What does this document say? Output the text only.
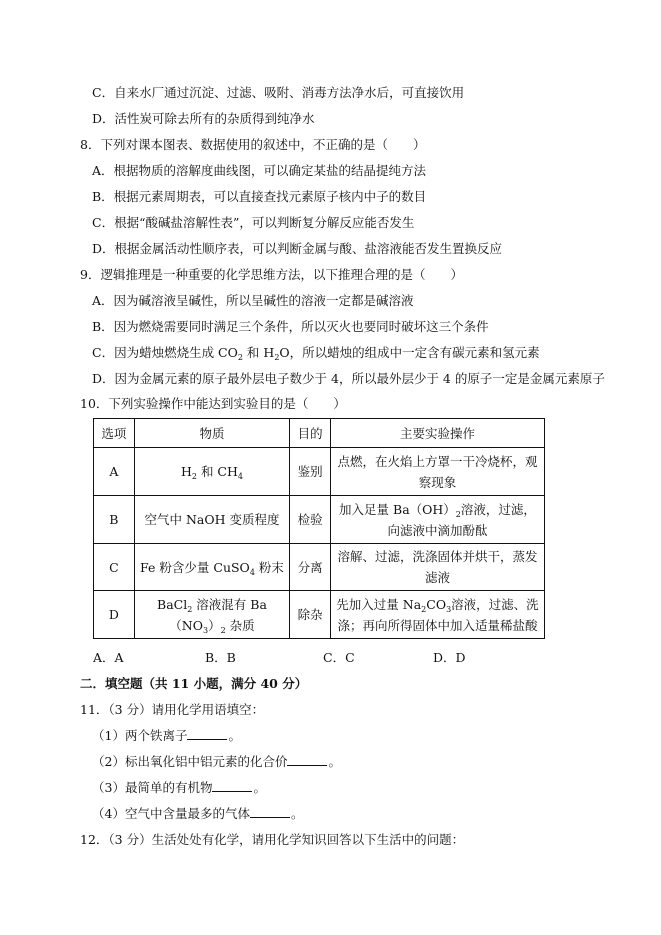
C．自来水厂通过沉淀、过滤、吸附、消毒方法净水后，可直接饮用
D．活性炭可除去所有的杂质得到纯净水
8．下列对课本图表、数据使用的叙述中，不正确的是（　　）
A．根据物质的溶解度曲线图，可以确定某盐的结晶提纯方法
B．根据元素周期表，可以直接查找元素原子核内中子的数目
C．根据“酸碱盐溶解性表”，可以判断复分解反应能否发生
D．根据金属活动性顺序表，可以判断金属与酸、盐溶液能否发生置换反应
9．逻辑推理是一种重要的化学思维方法，以下推理合理的是（　　）
A．因为碱溶液呈碱性，所以呈碱性的溶液一定都是碱溶液
B．因为燃烧需要同时满足三个条件，所以灭火也要同时破坏这三个条件
C．因为蜡烛燃烧生成 $CO_2$ 和 $H_2O$，所以蜡烛的组成中一定含有碳元素和氢元素
D．因为金属元素的原子最外层电子数少于 4，所以最外层少于 4 的原子一定是金属元素原子
10．下列实验操作中能达到实验目的是（　　）
选项	物质	目的	主要实验操作
A	$H_2$ 和 $CH_4$	鉴别	点燃，在火焰上方罩一干冷烧杯，观察现象
B	空气中 NaOH 变质程度	检验	加入足量 $Ba(OH)_2$溶液，过滤，向滤液中滴加酚酞
C	Fe 粉含少量 CuSO$_4$ 粉末	分离	溶解、过滤，洗涤固体并烘干，蒸发滤液
D	BaCl$_2$ 溶液混有 $Ba(NO_3)_2$ 杂质	除杂	先加入过量 $Na_2CO_3$溶液，过滤、洗涤；再向所得固体中加入适量稀盐酸
A．A	B．B	C．C	D．D
二．填空题（共 11 小题，满分 40 分）
11．（3 分）请用化学用语填空：
（1）两个铁离子	。
（2）标出氧化铝中铝元素的化合价	。
（3）最简单的有机物	。
（4）空气中含量最多的气体	。
12．（3 分）生活处处有化学，请用化学知识回答以下生活中的问题：
